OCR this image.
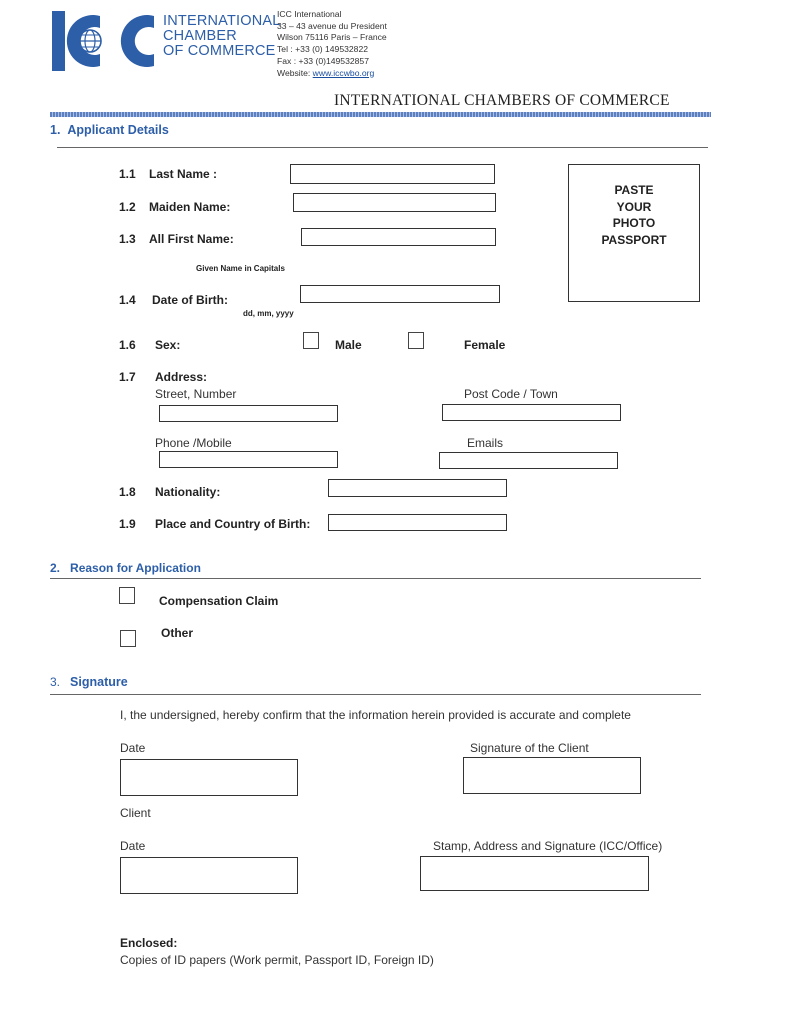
INTERNATIONAL
CHAMBER
OF COMMERCE
ICC International
33 – 43 avenue du President
Wilson 75116 Paris – France
Tel : +33 (0) 149532822
Fax : +33 (0)149532857
Website: www.iccwbo.org
INTERNATIONAL CHAMBERS OF COMMERCE
1. Applicant Details
1.1 Last Name :
1.2 Maiden Name:
1.3 All First Name:
Given Name in Capitals
PASTE
YOUR
PHOTO
PASSPORT
1.4 Date of Birth:
dd, mm, yyyy
1.6 Sex:	Male	Female
1.7 Address:
Street, Number	Post Code / Town
Phone /Mobile	Emails
1.8 Nationality:
1.9 Place and Country of Birth:
2. Reason for Application
Compensation Claim
Other
3. Signature
I, the undersigned, hereby confirm that the information herein provided is accurate and complete
Date	Signature of the Client
Client
Date	Stamp, Address and Signature (ICC/Office)
Enclosed:
Copies of ID papers (Work permit, Passport ID, Foreign ID)
